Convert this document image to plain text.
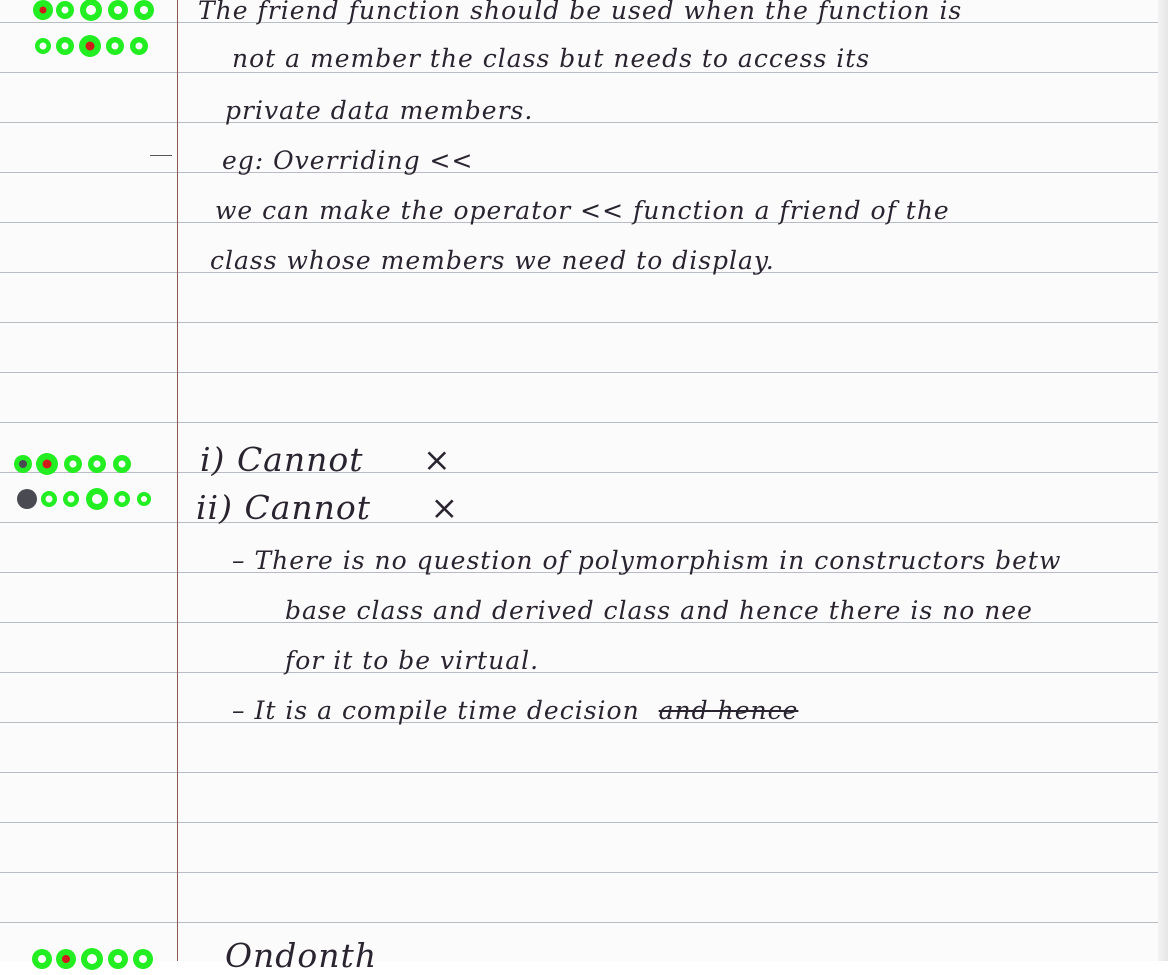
The friend function should be used when the function is
not a member the class but needs to access its
private data members.
eg: Overriding <<
we can make the operator << function a friend of the
class whose members we need to display.
i) Cannot ×
ii) Cannot ×
– There is no question of polymorphism in constructors betw
base class and derived class and hence there is no nee
for it to be virtual.
– It is a compile time decision and hence
Ondonth
